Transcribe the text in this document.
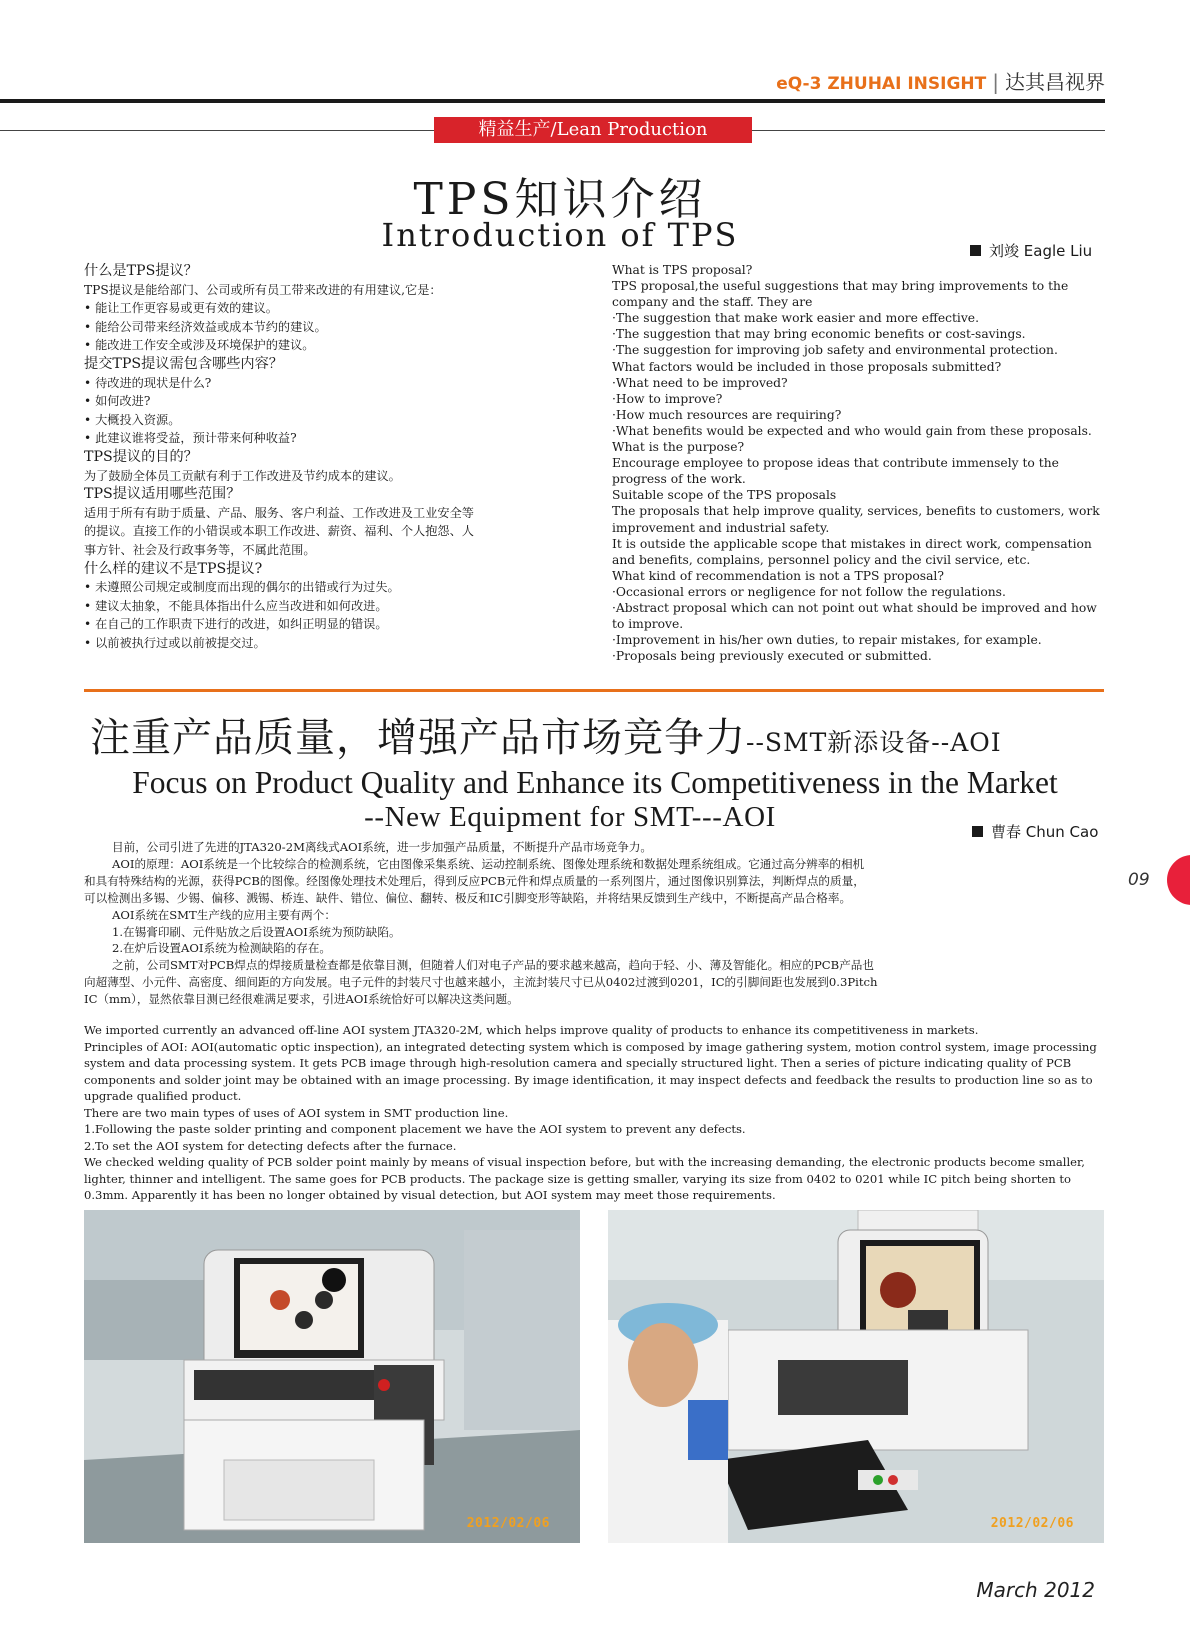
eQ-3 ZHUHAI INSIGHT | 达其昌视界
精益生产/Lean Production
TPS知识介绍
Introduction of TPS	刘竣 Eagle Liu
什么是TPS提议？
TPS提议是能给部门、公司或所有员工带来改进的有用建议,它是：
• 能让工作更容易或更有效的建议。
• 能给公司带来经济效益或成本节约的建议。
• 能改进工作安全或涉及环境保护的建议。
提交TPS提议需包含哪些内容？
• 待改进的现状是什么?
• 如何改进?
• 大概投入资源。
• 此建议谁将受益，预计带来何种收益?
TPS提议的目的？
为了鼓励全体员工贡献有利于工作改进及节约成本的建议。
TPS提议适用哪些范围？
适用于所有有助于质量、产品、服务、客户利益、工作改进及工业安全等
的提议。直接工作的小错误或本职工作改进、薪资、福利、个人抱怨、人
事方针、社会及行政事务等，不属此范围。
什么样的建议不是TPS提议?
• 未遵照公司规定或制度而出现的偶尔的出错或行为过失。
• 建议太抽象，不能具体指出什么应当改进和如何改进。
• 在自己的工作职责下进行的改进，如纠正明显的错误。
• 以前被执行过或以前被提交过。
What is TPS proposal?
TPS proposal,the useful suggestions that may bring improvements to the company and the staff. They are
·The suggestion that make work easier and more effective.
·The suggestion that may bring economic benefits or cost-savings.
·The suggestion for improving job safety and environmental protection.
What factors would be included in those proposals submitted?
·What need to be improved?
·How to improve?
·How much resources are requiring?
·What benefits would be expected and who would gain from these proposals.
What is the purpose?
Encourage employee to propose ideas that contribute immensely to the progress of the work.
Suitable scope of the TPS proposals
The proposals that help improve quality, services, benefits to customers, work improvement and industrial safety.
It is outside the applicable scope that mistakes in direct work, compensation and benefits, complains, personnel policy and the civil service, etc.
What kind of recommendation is not a TPS proposal?
·Occasional errors or negligence for not follow the regulations.
·Abstract proposal which can not point out what should be improved and how to improve.
·Improvement in his/her own duties, to repair mistakes, for example.
·Proposals being previously executed or submitted.
注重产品质量，增强产品市场竞争力--SMT新添设备--AOI
Focus on Product Quality and Enhance its Competitiveness in the Market
--New Equipment for SMT---AOI	曹春 Chun Cao
目前，公司引进了先进的JTA320-2M离线式AOI系统，进一步加强产品质量，不断提升产品市场竞争力。
AOI的原理：AOI系统是一个比较综合的检测系统，它由图像采集系统、运动控制系统、图像处理系统和数据处理系统组成。它通过高分辨率的相机
和具有特殊结构的光源，获得PCB的图像。经图像处理技术处理后，得到反应PCB元件和焊点质量的一系列图片，通过图像识别算法，判断焊点的质量，
可以检测出多锡、少锡、偏移、溅锡、桥连、缺件、错位、偏位、翻转、极反和IC引脚变形等缺陷，并将结果反馈到生产线中，不断提高产品合格率。
AOI系统在SMT生产线的应用主要有两个：
1.在锡膏印刷、元件贴放之后设置AOI系统为预防缺陷。
2.在炉后设置AOI系统为检测缺陷的存在。
之前，公司SMT对PCB焊点的焊接质量检查都是依靠目测，但随着人们对电子产品的要求越来越高，趋向于轻、小、薄及智能化。相应的PCB产品也
向超薄型、小元件、高密度、细间距的方向发展。电子元件的封装尺寸也越来越小，主流封装尺寸已从0402过渡到0201，IC的引脚间距也发展到0.3Pitch
IC（mm），显然依靠目测已经很难满足要求，引进AOI系统恰好可以解决这类问题。
We imported currently an advanced off-line AOI system JTA320-2M, which helps improve quality of products to enhance its competitiveness in markets.
Principles of AOI: AOI(automatic optic inspection), an integrated detecting system which is composed by image gathering system, motion control system, image processing system and data processing system. It gets PCB image through high-resolution camera and specially structured light. Then a series of picture indicating quality of PCB components and solder joint may be obtained with an image processing. By image identification, it may inspect defects and feedback the results to production line so as to upgrade qualified product.
There are two main types of uses of AOI system in SMT production line.
1.Following the paste solder printing and component placement we have the AOI system to prevent any defects.
2.To set the AOI system for detecting defects after the furnace.
We checked welding quality of PCB solder point mainly by means of visual inspection before, but with the increasing demanding, the electronic products become smaller, lighter, thinner and intelligent. The same goes for PCB products. The package size is getting smaller, varying its size from 0402 to 0201 while IC pitch being shorten to 0.3mm. Apparently it has been no longer obtained by visual detection, but AOI system may meet those requirements.
2012/02/06	2012/02/06
09
March 2012
